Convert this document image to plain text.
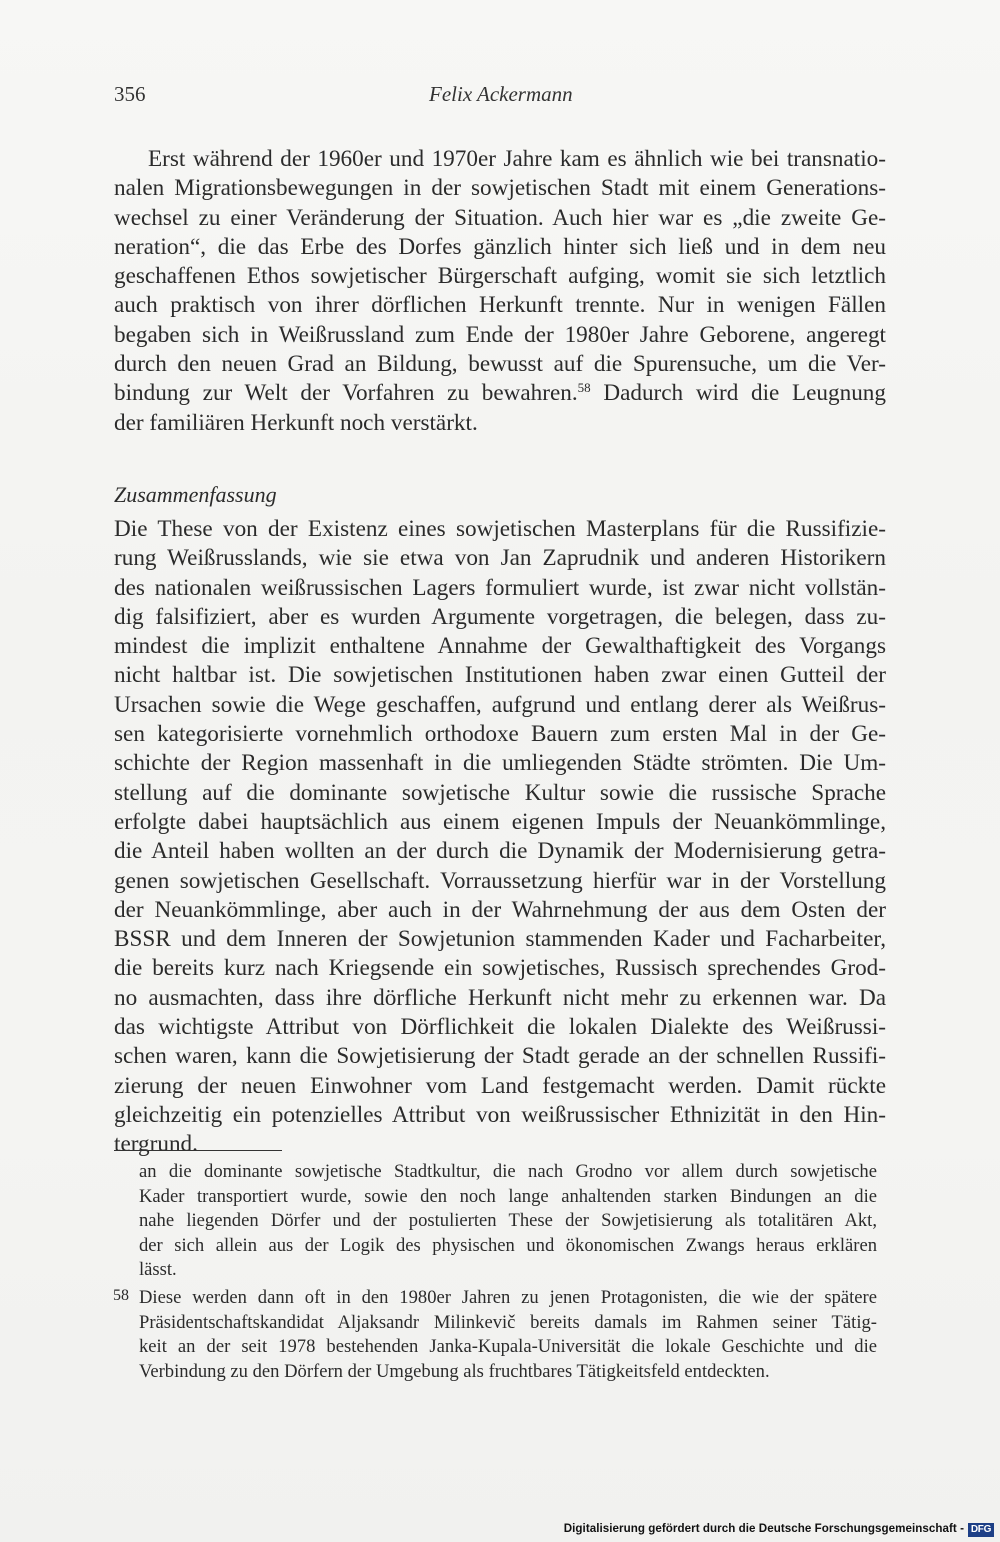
356	Felix Ackermann
Erst während der 1960er und 1970er Jahre kam es ähnlich wie bei transnatio-
nalen Migrationsbewegungen in der sowjetischen Stadt mit einem Generations-
wechsel zu einer Veränderung der Situation. Auch hier war es „die zweite Ge-
neration“, die das Erbe des Dorfes gänzlich hinter sich ließ und in dem neu
geschaffenen Ethos sowjetischer Bürgerschaft aufging, womit sie sich letztlich
auch praktisch von ihrer dörflichen Herkunft trennte. Nur in wenigen Fällen
begaben sich in Weißrussland zum Ende der 1980er Jahre Geborene, angeregt
durch den neuen Grad an Bildung, bewusst auf die Spurensuche, um die Ver-
bindung zur Welt der Vorfahren zu bewahren.$^{58}$ Dadurch wird die Leugnung
der familiären Herkunft noch verstärkt.
Zusammenfassung
Die These von der Existenz eines sowjetischen Masterplans für die Russifizie-
rung Weißrusslands, wie sie etwa von Jan Zaprudnik und anderen Historikern
des nationalen weißrussischen Lagers formuliert wurde, ist zwar nicht vollstän-
dig falsifiziert, aber es wurden Argumente vorgetragen, die belegen, dass zu-
mindest die implizit enthaltene Annahme der Gewalthaftigkeit des Vorgangs
nicht haltbar ist. Die sowjetischen Institutionen haben zwar einen Gutteil der
Ursachen sowie die Wege geschaffen, aufgrund und entlang derer als Weißrus-
sen kategorisierte vornehmlich orthodoxe Bauern zum ersten Mal in der Ge-
schichte der Region massenhaft in die umliegenden Städte strömten. Die Um-
stellung auf die dominante sowjetische Kultur sowie die russische Sprache
erfolgte dabei hauptsächlich aus einem eigenen Impuls der Neuankömmlinge,
die Anteil haben wollten an der durch die Dynamik der Modernisierung getra-
genen sowjetischen Gesellschaft. Vorraussetzung hierfür war in der Vorstellung
der Neuankömmlinge, aber auch in der Wahrnehmung der aus dem Osten der
BSSR und dem Inneren der Sowjetunion stammenden Kader und Facharbeiter,
die bereits kurz nach Kriegsende ein sowjetisches, Russisch sprechendes Grod-
no ausmachten, dass ihre dörfliche Herkunft nicht mehr zu erkennen war. Da
das wichtigste Attribut von Dörflichkeit die lokalen Dialekte des Weißrussi-
schen waren, kann die Sowjetisierung der Stadt gerade an der schnellen Russifi-
zierung der neuen Einwohner vom Land festgemacht werden. Damit rückte
gleichzeitig ein potenzielles Attribut von weißrussischer Ethnizität in den Hin-
tergrund.
an die dominante sowjetische Stadtkultur, die nach Grodno vor allem durch sowjetische
Kader transportiert wurde, sowie den noch lange anhaltenden starken Bindungen an die
nahe liegenden Dörfer und der postulierten These der Sowjetisierung als totalitären Akt,
der sich allein aus der Logik des physischen und ökonomischen Zwangs heraus erklären
lässt.
58 Diese werden dann oft in den 1980er Jahren zu jenen Protagonisten, die wie der spätere
Präsidentschaftskandidat Aljaksandr Milinkevič bereits damals im Rahmen seiner Tätig-
keit an der seit 1978 bestehenden Janka-Kupala-Universität die lokale Geschichte und die
Verbindung zu den Dörfern der Umgebung als fruchtbares Tätigkeitsfeld entdeckten.
Digitalisierung gefördert durch die Deutsche Forschungsgemeinschaft - DFG
